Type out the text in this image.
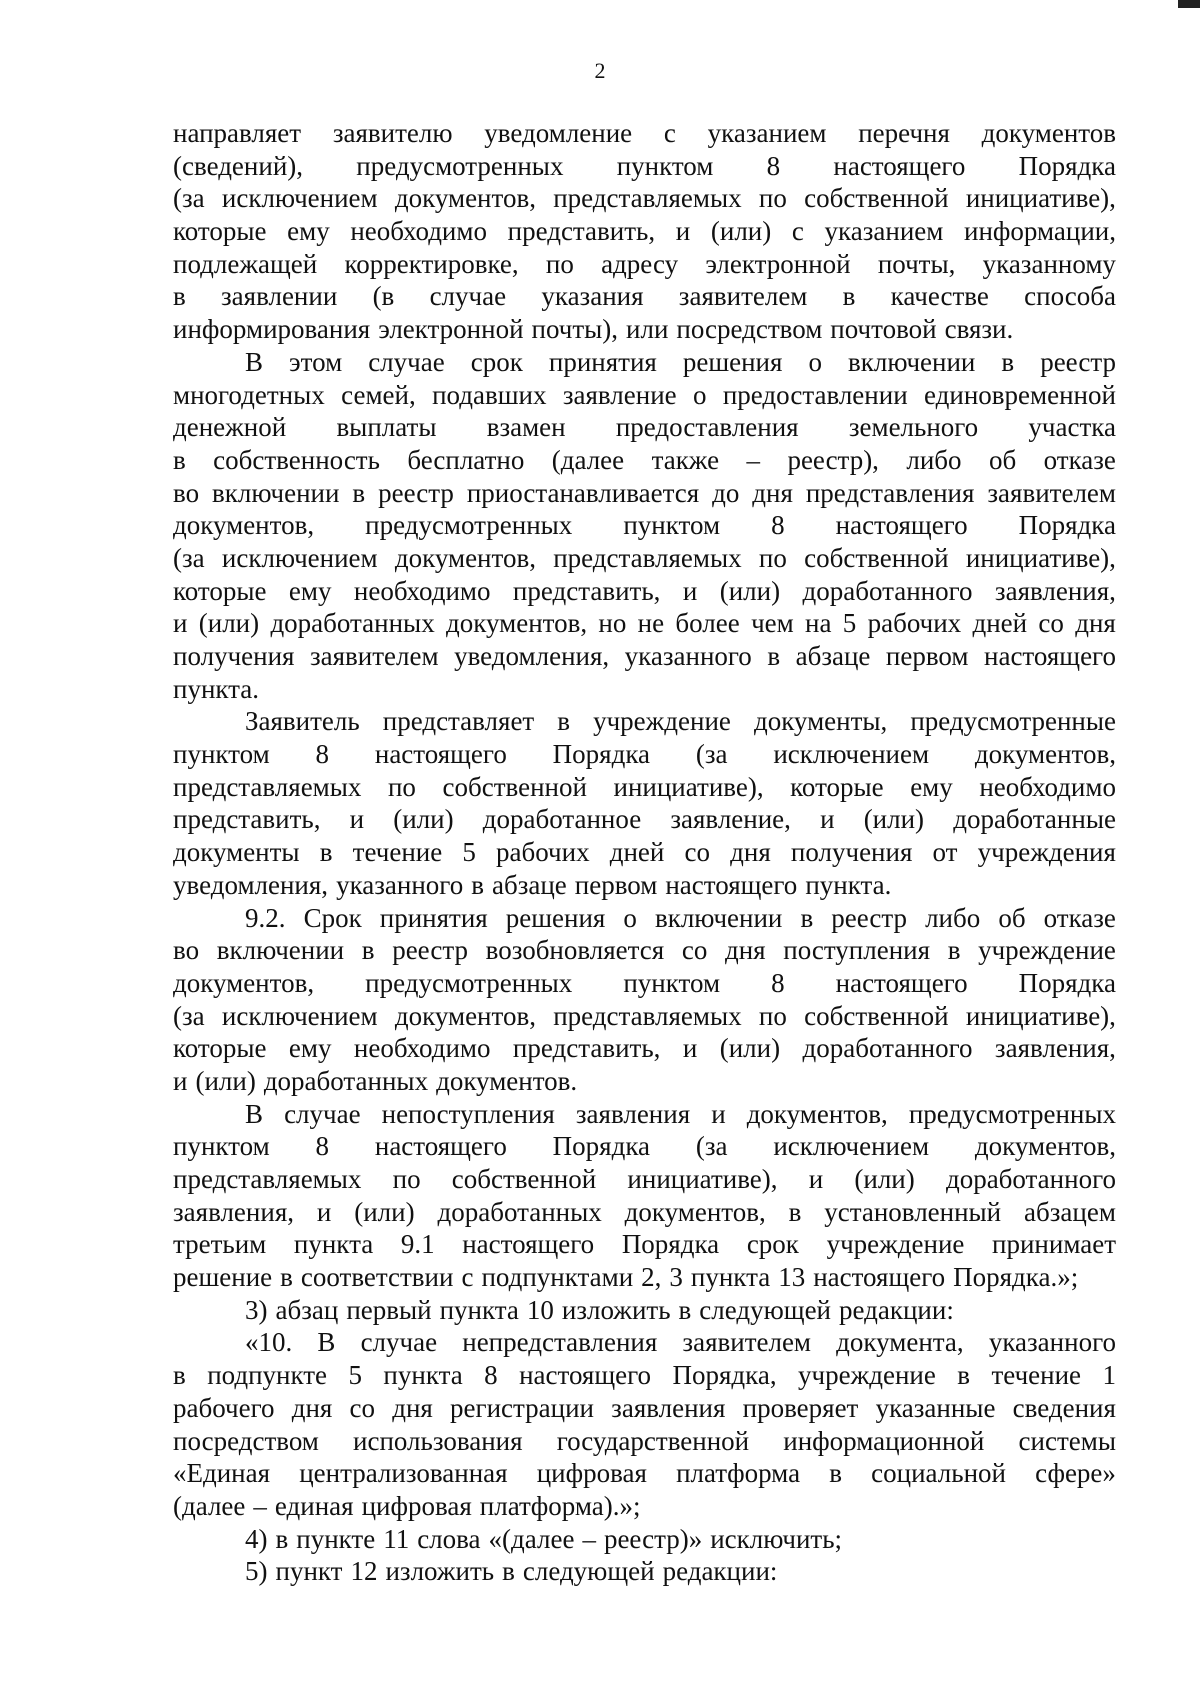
2
направляет заявителю уведомление с указанием перечня документов
(сведений), предусмотренных пунктом 8 настоящего Порядка
(за исключением документов, представляемых по собственной инициативе),
которые ему необходимо представить, и (или) с указанием информации,
подлежащей корректировке, по адресу электронной почты, указанному
в заявлении (в случае указания заявителем в качестве способа
информирования электронной почты), или посредством почтовой связи.
В этом случае срок принятия решения о включении в реестр
многодетных семей, подавших заявление о предоставлении единовременной
денежной выплаты взамен предоставления земельного участка
в собственность бесплатно (далее также – реестр), либо об отказе
во включении в реестр приостанавливается до дня представления заявителем
документов, предусмотренных пунктом 8 настоящего Порядка
(за исключением документов, представляемых по собственной инициативе),
которые ему необходимо представить, и (или) доработанного заявления,
и (или) доработанных документов, но не более чем на 5 рабочих дней со дня
получения заявителем уведомления, указанного в абзаце первом настоящего
пункта.
Заявитель представляет в учреждение документы, предусмотренные
пунктом 8 настоящего Порядка (за исключением документов,
представляемых по собственной инициативе), которые ему необходимо
представить, и (или) доработанное заявление, и (или) доработанные
документы в течение 5 рабочих дней со дня получения от учреждения
уведомления, указанного в абзаце первом настоящего пункта.
9.2. Срок принятия решения о включении в реестр либо об отказе
во включении в реестр возобновляется со дня поступления в учреждение
документов, предусмотренных пунктом 8 настоящего Порядка
(за исключением документов, представляемых по собственной инициативе),
которые ему необходимо представить, и (или) доработанного заявления,
и (или) доработанных документов.
В случае непоступления заявления и документов, предусмотренных
пунктом 8 настоящего Порядка (за исключением документов,
представляемых по собственной инициативе), и (или) доработанного
заявления, и (или) доработанных документов, в установленный абзацем
третьим пункта 9.1 настоящего Порядка срок учреждение принимает
решение в соответствии с подпунктами 2, 3 пункта 13 настоящего Порядка.»;
3) абзац первый пункта 10 изложить в следующей редакции:
«10. В случае непредставления заявителем документа, указанного
в подпункте 5 пункта 8 настоящего Порядка, учреждение в течение 1
рабочего дня со дня регистрации заявления проверяет указанные сведения
посредством использования государственной информационной системы
«Единая централизованная цифровая платформа в социальной сфере»
(далее – единая цифровая платформа).»;
4) в пункте 11 слова «(далее – реестр)» исключить;
5) пункт 12 изложить в следующей редакции:
